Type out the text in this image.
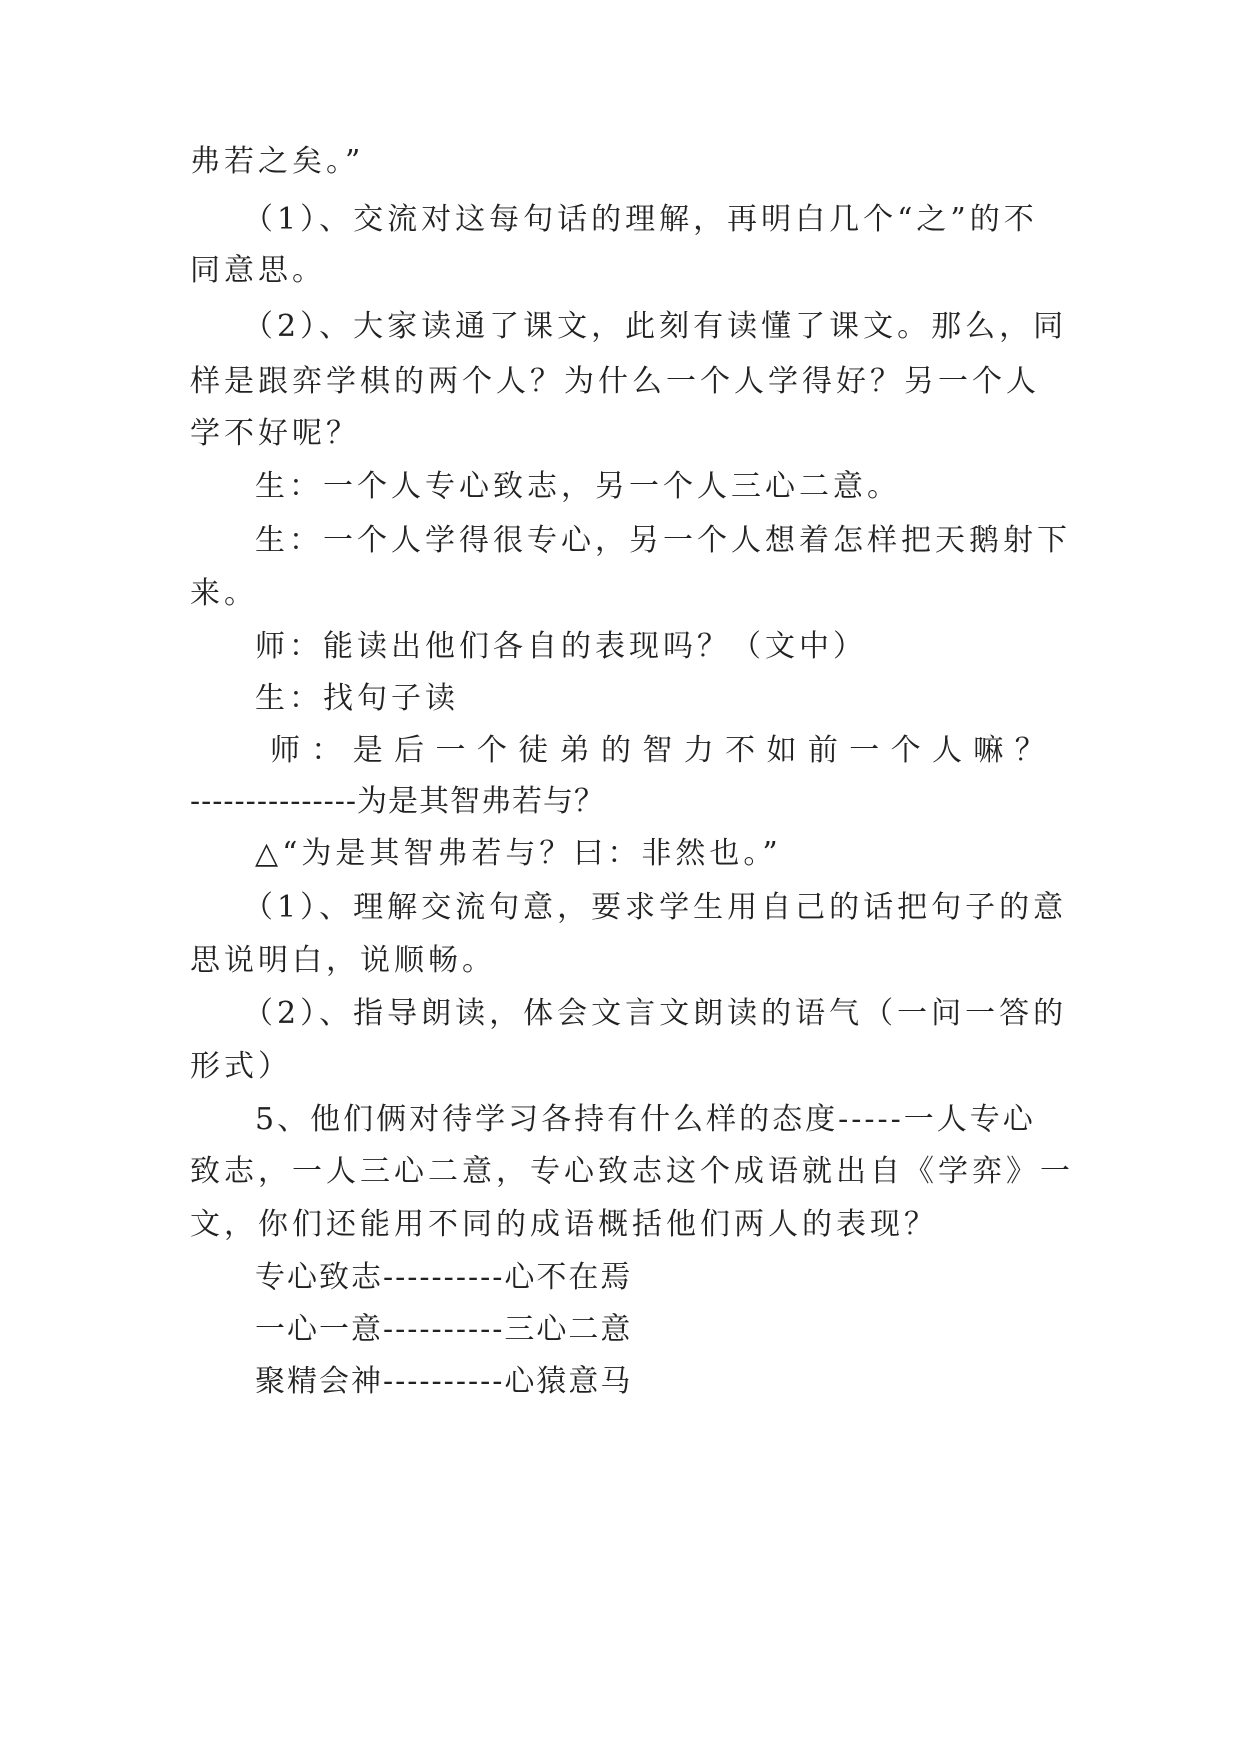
弗若之矣。”
（1）、交流对这每句话的理解，再明白几个“之”的不
同意思。
（2）、大家读通了课文，此刻有读懂了课文。那么，同
样是跟弈学棋的两个人？为什么一个人学得好？另一个人
学不好呢？
生：一个人专心致志，另一个人三心二意。
生：一个人学得很专心，另一个人想着怎样把天鹅射下
来。
师：能读出他们各自的表现吗？（文中）
生：找句子读
师 ： 是 后 一 个 徒 弟 的 智 力 不 如 前 一 个 人 嘛 ？
---------------为是其智弗若与？
△“为是其智弗若与？曰：非然也。”
（1）、理解交流句意，要求学生用自己的话把句子的意
思说明白，说顺畅。
（2）、指导朗读，体会文言文朗读的语气（一问一答的
形式）
5、他们俩对待学习各持有什么样的态度-----一人专心
致志，一人三心二意，专心致志这个成语就出自《学弈》一
文，你们还能用不同的成语概括他们两人的表现？
专心致志----------心不在焉
一心一意----------三心二意
聚精会神----------心猿意马
